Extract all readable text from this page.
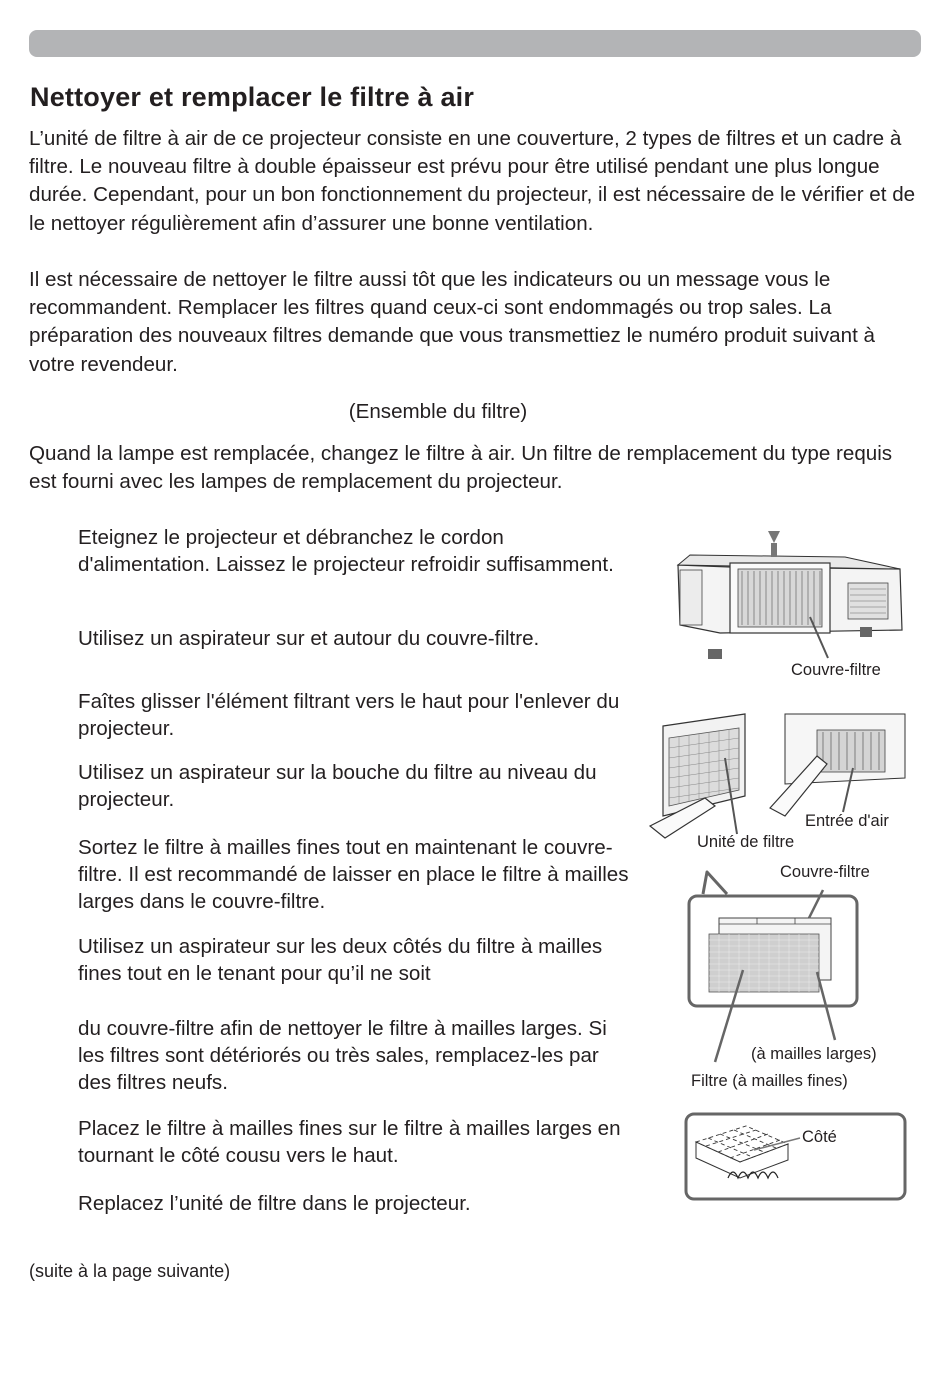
Nettoyer et remplacer le filtre à air

L’unité de filtre à air de ce projecteur consiste en une couverture, 2 types de filtres et un cadre à filtre. Le nouveau filtre à double épaisseur est prévu pour être utilisé pendant une plus longue durée. Cependant, pour un bon fonctionnement du projecteur, il est nécessaire de le vérifier et de le nettoyer régulièrement afin d’assurer une bonne ventilation.

Il est nécessaire de nettoyer le filtre aussi tôt que les indicateurs ou un message vous le recommandent. Remplacer les filtres quand ceux-ci sont endommagés ou trop sales. La préparation des nouveaux filtres demande que vous transmettiez le numéro produit suivant à votre revendeur.

(Ensemble du filtre)

Quand la lampe est remplacée, changez le filtre à air. Un filtre de remplacement du type requis est fourni avec les lampes de remplacement du projecteur.

Eteignez le projecteur et débranchez le cordon d'alimentation. Laissez le projecteur refroidir suffisamment.

Utilisez un aspirateur sur et autour du couvre-filtre.

Faîtes glisser l'élément filtrant vers le haut pour l'enlever du projecteur.

Utilisez un aspirateur sur la bouche du filtre au niveau du projecteur.

Sortez le filtre à mailles fines tout en maintenant le couvre-filtre. Il est recommandé de laisser en place le filtre à mailles larges dans le couvre-filtre.

Utilisez un aspirateur sur les deux côtés du filtre à mailles fines tout en le tenant pour qu’il ne soit

du couvre-filtre afin de nettoyer le filtre à mailles larges. Si les filtres sont détériorés ou très sales, remplacez-les par des filtres neufs.

Placez le filtre à mailles fines sur le filtre à mailles larges en tournant le côté cousu vers le haut.

Replacez l’unité de filtre dans le projecteur.

(suite à la page suivante)

Couvre-filtre
Entrée d'air
Unité de filtre
Couvre-filtre
(à mailles larges)
Filtre (à mailles fines)
Côté
